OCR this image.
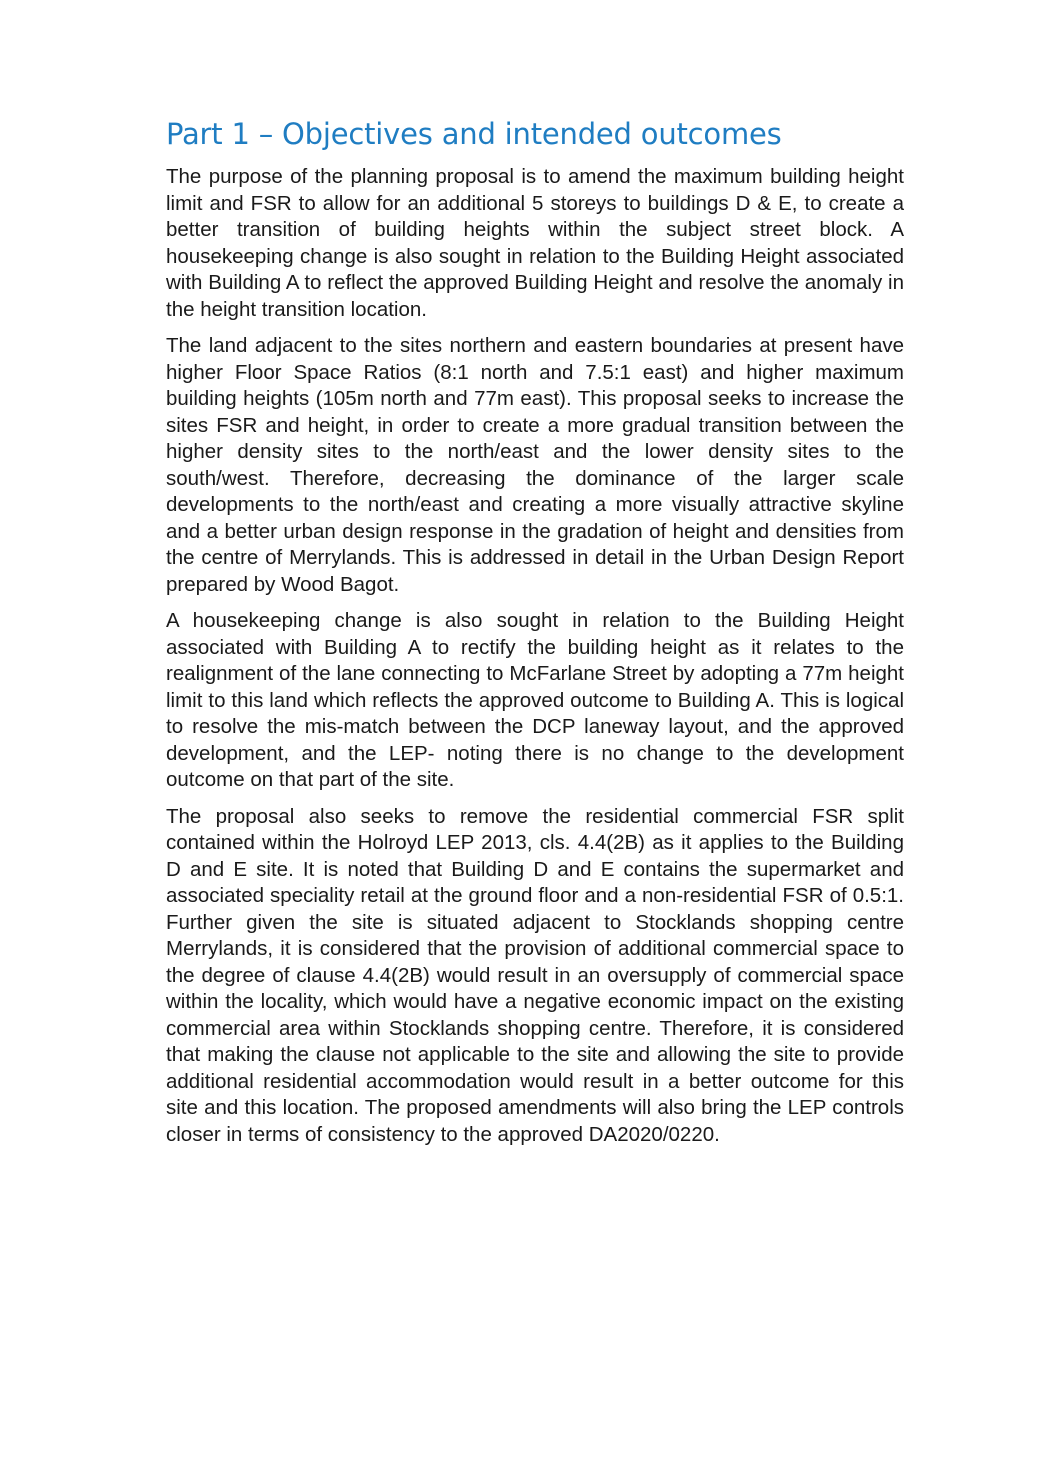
Part 1 – Objectives and intended outcomes

The purpose of the planning proposal is to amend the maximum building height limit and FSR to allow for an additional 5 storeys to buildings D & E, to create a better transition of building heights within the subject street block. A housekeeping change is also sought in relation to the Building Height associated with Building A to reflect the approved Building Height and resolve the anomaly in the height transition location.

The land adjacent to the sites northern and eastern boundaries at present have higher Floor Space Ratios (8:1 north and 7.5:1 east) and higher maximum building heights (105m north and 77m east). This proposal seeks to increase the sites FSR and height, in order to create a more gradual transition between the higher density sites to the north/east and the lower density sites to the south/west. Therefore, decreasing the dominance of the larger scale developments to the north/east and creating a more visually attractive skyline and a better urban design response in the gradation of height and densities from the centre of Merrylands. This is addressed in detail in the Urban Design Report prepared by Wood Bagot.

A housekeeping change is also sought in relation to the Building Height associated with Building A to rectify the building height as it relates to the realignment of the lane connecting to McFarlane Street by adopting a 77m height limit to this land which reflects the approved outcome to Building A. This is logical to resolve the mis-match between the DCP laneway layout, and the approved development, and the LEP- noting there is no change to the development outcome on that part of the site.

The proposal also seeks to remove the residential commercial FSR split contained within the Holroyd LEP 2013, cls. 4.4(2B) as it applies to the Building D and E site. It is noted that Building D and E contains the supermarket and associated speciality retail at the ground floor and a non-residential FSR of 0.5:1. Further given the site is situated adjacent to Stocklands shopping centre Merrylands, it is considered that the provision of additional commercial space to the degree of clause 4.4(2B) would result in an oversupply of commercial space within the locality, which would have a negative economic impact on the existing commercial area within Stocklands shopping centre. Therefore, it is considered that making the clause not applicable to the site and allowing the site to provide additional residential accommodation would result in a better outcome for this site and this location. The proposed amendments will also bring the LEP controls closer in terms of consistency to the approved DA2020/0220.
